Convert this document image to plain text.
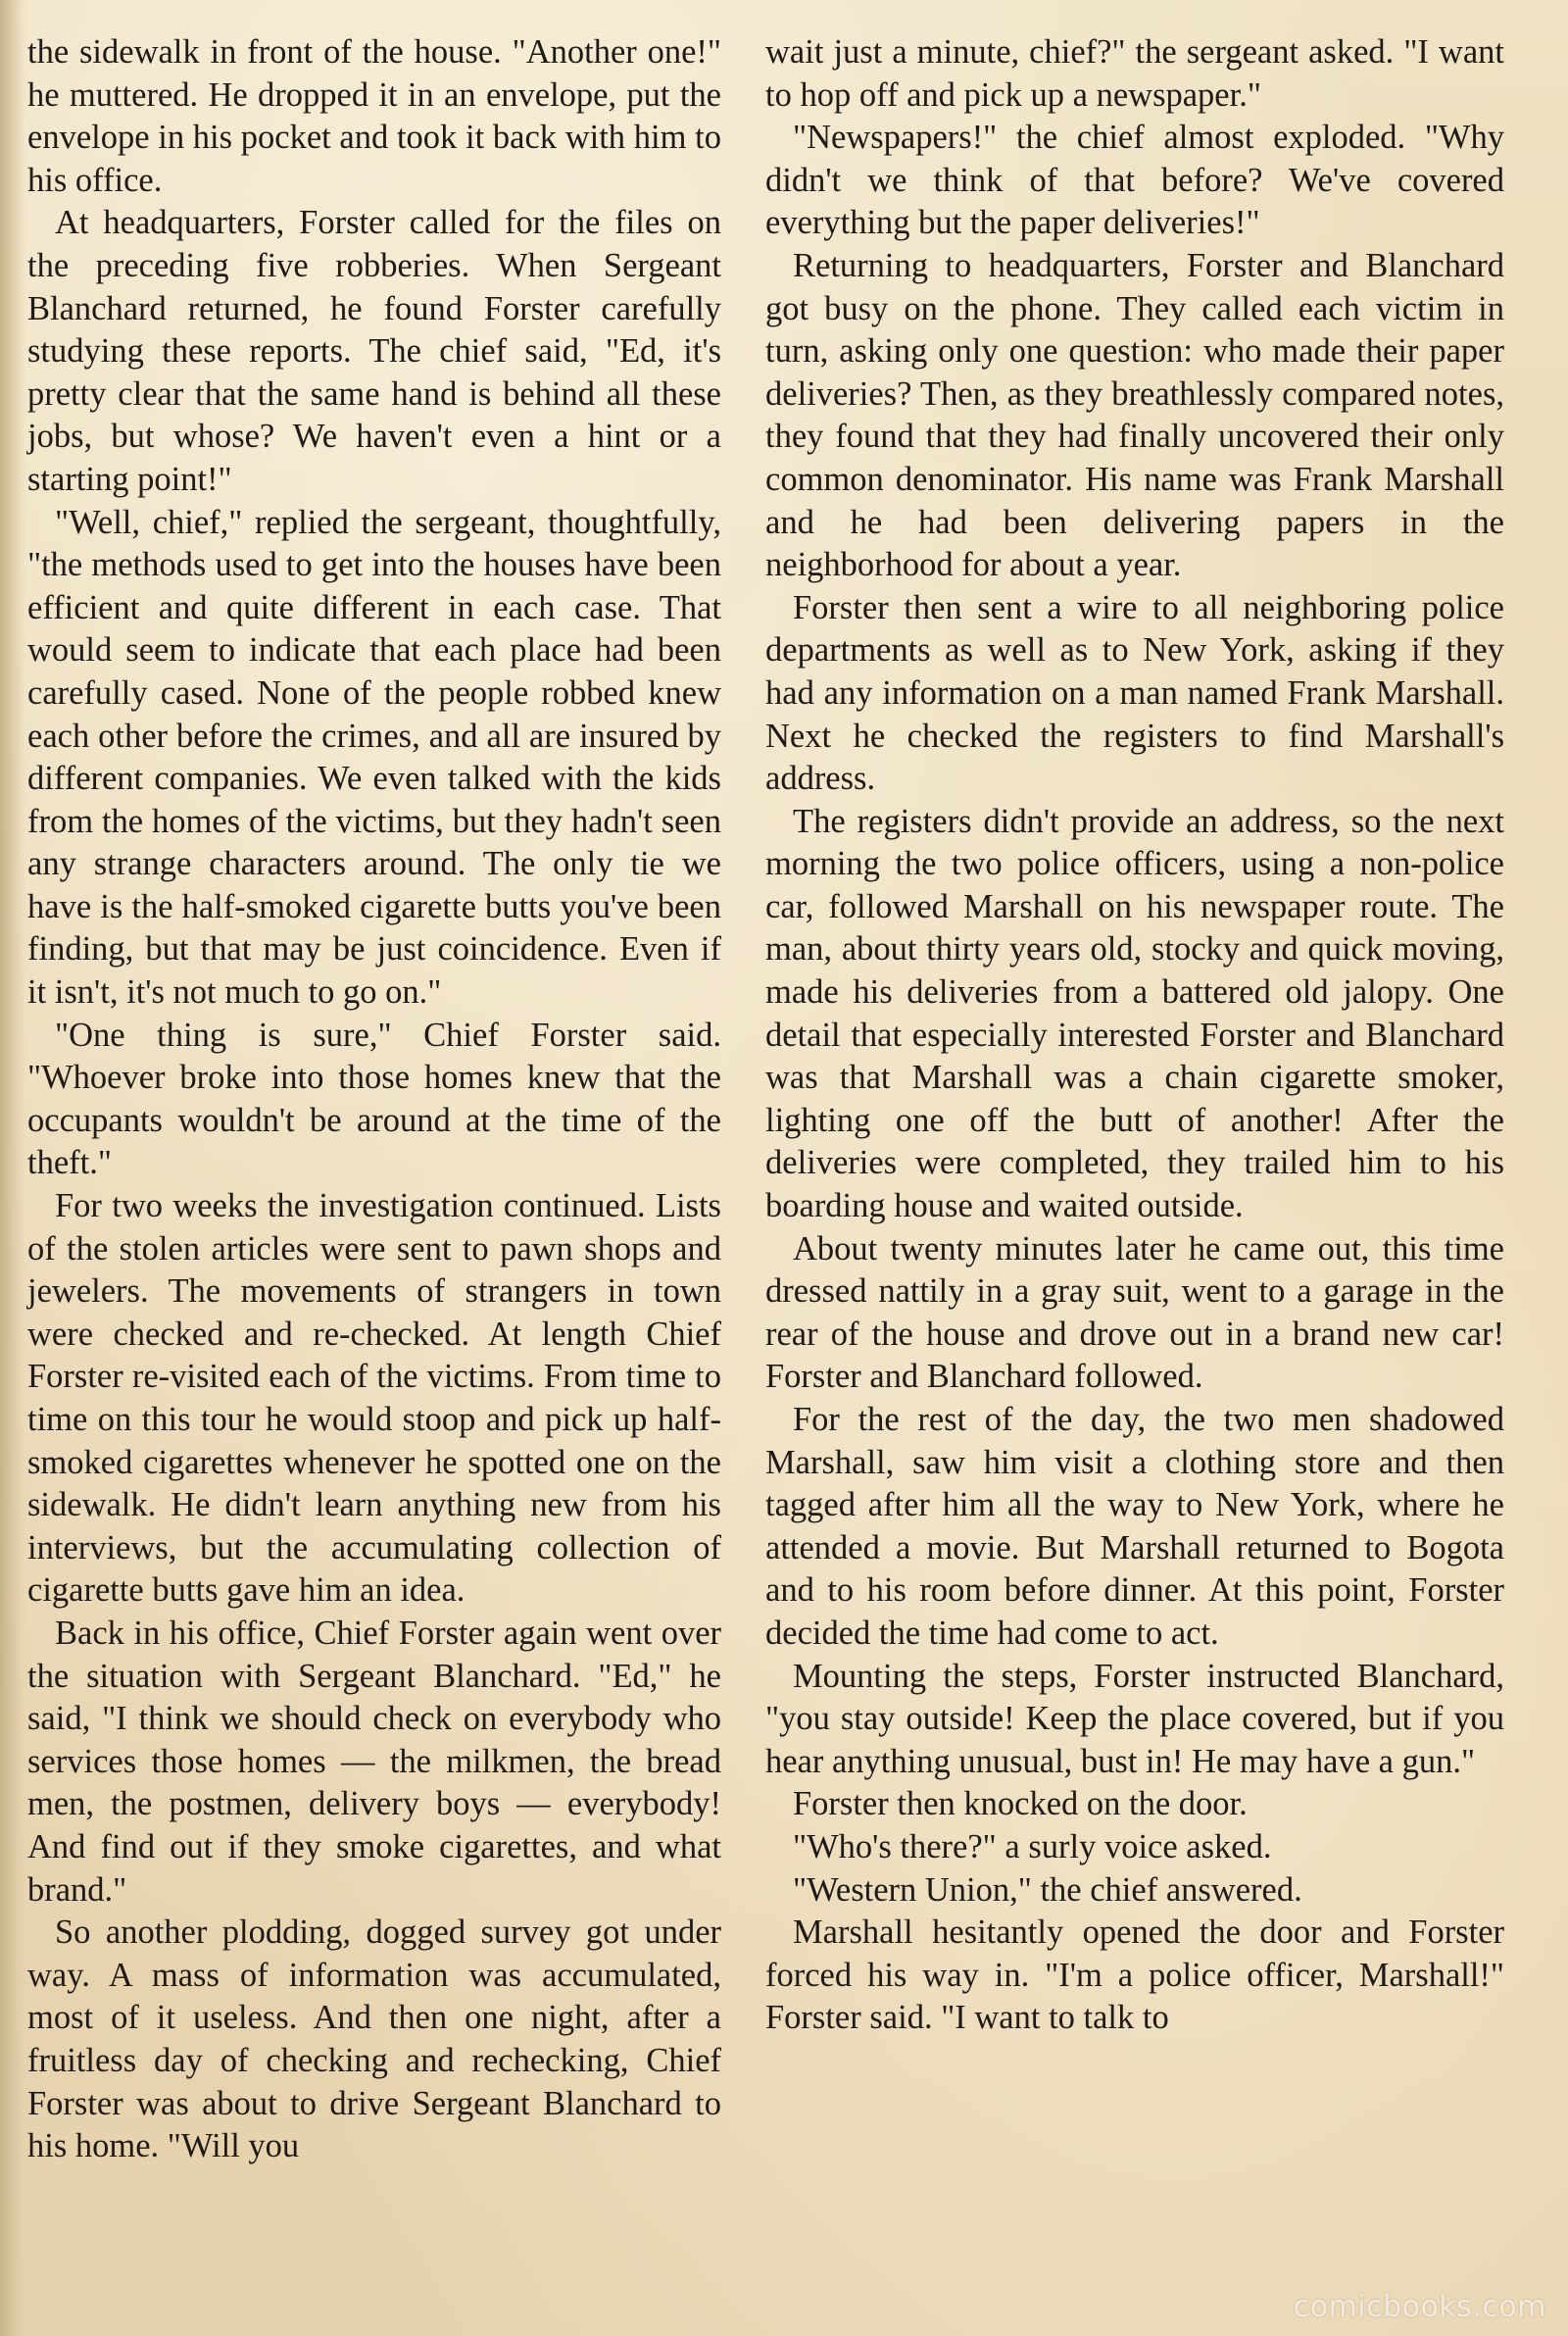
the sidewalk in front of the house. "Another one!" he muttered. He dropped it in an envelope, put the envelope in his pocket and took it back with him to his office.

At headquarters, Forster called for the files on the preceding five robberies. When Sergeant Blanchard returned, he found Forster carefully studying these reports. The chief said, "Ed, it's pretty clear that the same hand is behind all these jobs, but whose? We haven't even a hint or a starting point!"

"Well, chief," replied the sergeant, thoughtfully, "the methods used to get into the houses have been efficient and quite different in each case. That would seem to indicate that each place had been carefully cased. None of the people robbed knew each other before the crimes, and all are insured by different companies. We even talked with the kids from the homes of the victims, but they hadn't seen any strange characters around. The only tie we have is the half-smoked cigarette butts you've been finding, but that may be just coincidence. Even if it isn't, it's not much to go on."

"One thing is sure," Chief Forster said. "Whoever broke into those homes knew that the occupants wouldn't be around at the time of the theft."

For two weeks the investigation continued. Lists of the stolen articles were sent to pawn shops and jewelers. The movements of strangers in town were checked and re-checked. At length Chief Forster re-visited each of the victims. From time to time on this tour he would stoop and pick up half-smoked cigarettes whenever he spotted one on the sidewalk. He didn't learn anything new from his interviews, but the accumulating collection of cigarette butts gave him an idea.

Back in his office, Chief Forster again went over the situation with Sergeant Blanchard. "Ed," he said, "I think we should check on everybody who services those homes — the milkmen, the bread men, the postmen, delivery boys — everybody! And find out if they smoke cigarettes, and what brand."

So another plodding, dogged survey got under way. A mass of information was accumulated, most of it useless. And then one night, after a fruitless day of checking and rechecking, Chief Forster was about to drive Sergeant Blanchard to his home. "Will you

wait just a minute, chief?" the sergeant asked. "I want to hop off and pick up a newspaper."

"Newspapers!" the chief almost exploded. "Why didn't we think of that before? We've covered everything but the paper deliveries!"

Returning to headquarters, Forster and Blanchard got busy on the phone. They called each victim in turn, asking only one question: who made their paper deliveries? Then, as they breathlessly compared notes, they found that they had finally uncovered their only common denominator. His name was Frank Marshall and he had been delivering papers in the neighborhood for about a year.

Forster then sent a wire to all neighboring police departments as well as to New York, asking if they had any information on a man named Frank Marshall. Next he checked the registers to find Marshall's address.

The registers didn't provide an address, so the next morning the two police officers, using a non-police car, followed Marshall on his newspaper route. The man, about thirty years old, stocky and quick moving, made his deliveries from a battered old jalopy. One detail that especially interested Forster and Blanchard was that Marshall was a chain cigarette smoker, lighting one off the butt of another! After the deliveries were completed, they trailed him to his boarding house and waited outside.

About twenty minutes later he came out, this time dressed nattily in a gray suit, went to a garage in the rear of the house and drove out in a brand new car! Forster and Blanchard followed.

For the rest of the day, the two men shadowed Marshall, saw him visit a clothing store and then tagged after him all the way to New York, where he attended a movie. But Marshall returned to Bogota and to his room before dinner. At this point, Forster decided the time had come to act.

Mounting the steps, Forster instructed Blanchard, "you stay outside! Keep the place covered, but if you hear anything unusual, bust in! He may have a gun."

Forster then knocked on the door.

"Who's there?" a surly voice asked.

"Western Union," the chief answered.

Marshall hesitantly opened the door and Forster forced his way in. "I'm a police officer, Marshall!" Forster said. "I want to talk to

comicbooks.com
